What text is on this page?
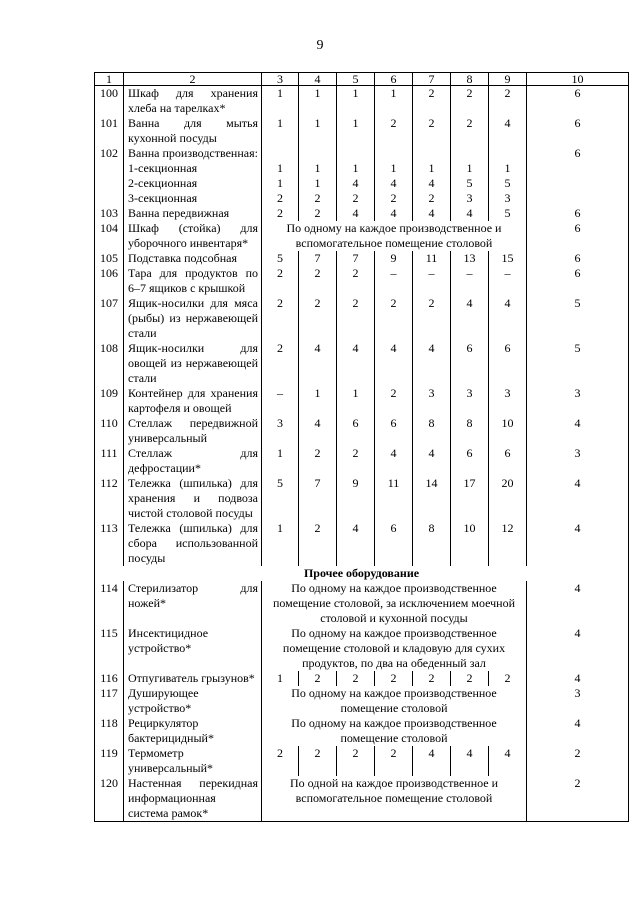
9
1	2	3	4	5	6	7	8	9	10
100	Шкаф для хранения хлеба на тарелках*	1	1	1	1	2	2	2	6
101	Ванна для мытья кухонной посуды	1	1	1	2	2	2	4	6
102	Ванна производственная:								6
	1-секционная	1	1	1	1	1	1	1	
	2-секционная	1	1	4	4	4	5	5	
	3-секционная	2	2	2	2	2	3	3	
103	Ванна передвижная	2	2	4	4	4	4	5	6
104	Шкаф (стойка) для уборочного инвентаря*	По одному на каждое производственное и вспомогательное помещение столовой							6
105	Подставка подсобная	5	7	7	9	11	13	15	6
106	Тара для продуктов по 6–7 ящиков с крышкой	2	2	2	–	–	–	–	6
107	Ящик-носилки для мяса (рыбы) из нержавеющей стали	2	2	2	2	2	4	4	5
108	Ящик-носилки для овощей из нержавеющей стали	2	4	4	4	4	6	6	5
109	Контейнер для хранения картофеля и овощей	–	1	1	2	3	3	3	3
110	Стеллаж передвижной универсальный	3	4	6	6	8	8	10	4
111	Стеллаж для дефростации*	1	2	2	4	4	6	6	3
112	Тележка (шпилька) для хранения и подвоза чистой столовой посуды	5	7	9	11	14	17	20	4
113	Тележка (шпилька) для сбора использованной посуды	1	2	4	6	8	10	12	4
Прочее оборудование									
114	Стерилизатор для ножей*	По одному на каждое производственное помещение столовой, за исключением моечной столовой и кухонной посуды							4
115	Инсектицидное устройство*	По одному на каждое производственное помещение столовой и кладовую для сухих продуктов, по два на обеденный зал							4
116	Отпугиватель грызунов*	1	2	2	2	2	2	2	4
117	Душирующее устройство*	По одному на каждое производственное помещение столовой							3
118	Рециркулятор бактерицидный*	По одному на каждое производственное помещение столовой							4
119	Термометр универсальный*	2	2	2	2	4	4	4	2
120	Настенная перекидная информационная система рамок*	По одной на каждое производственное и вспомогательное помещение столовой							2
